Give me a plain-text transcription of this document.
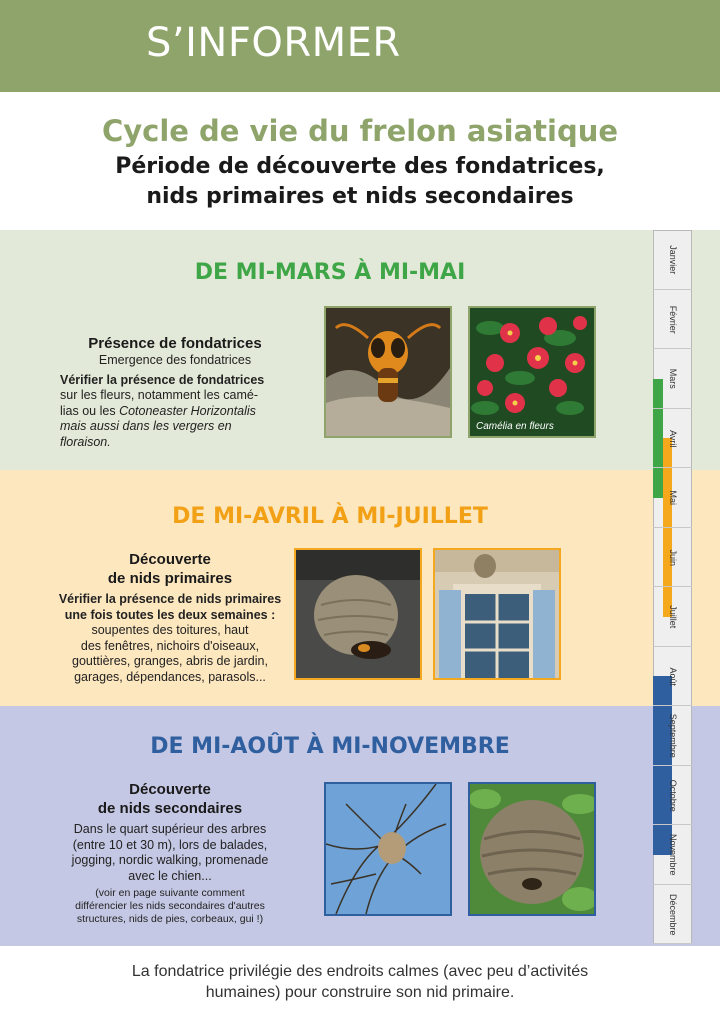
S’INFORMER
Cycle de vie du frelon asiatique
Période de découverte des fondatrices,
nids primaires et nids secondaires
DE MI-MARS À MI-MAI
Présence de fondatrices
Emergence des fondatrices
Vérifier la présence de fondatrices
sur les fleurs, notamment les camé-
lias ou les Cotoneaster Horizontalis
mais aussi dans les vergers en
floraison.
Camélia en fleurs
DE MI-AVRIL À MI-JUILLET
Découverte
de nids primaires
Vérifier la présence de nids primaires
une fois toutes les deux semaines :
soupentes des toitures, haut
des fenêtres, nichoirs d'oiseaux,
gouttières, granges, abris de jardin,
garages, dépendances, parasols...
DE MI-AOÛT À MI-NOVEMBRE
Découverte
de nids secondaires
Dans le quart supérieur des arbres
(entre 10 et 30 m), lors de balades,
jogging, nordic walking, promenade
avec le chien...
(voir en page suivante comment
différencier les nids secondaires d'autres
structures, nids de pies, corbeaux, gui !)
Janvier
Février
Mars
Avril
Mai
Juin
Juillet
Août
Septembre
Octobre
Novembre
Décembre
La fondatrice privilégie des endroits calmes (avec peu d’activités
humaines) pour construire son nid primaire.
